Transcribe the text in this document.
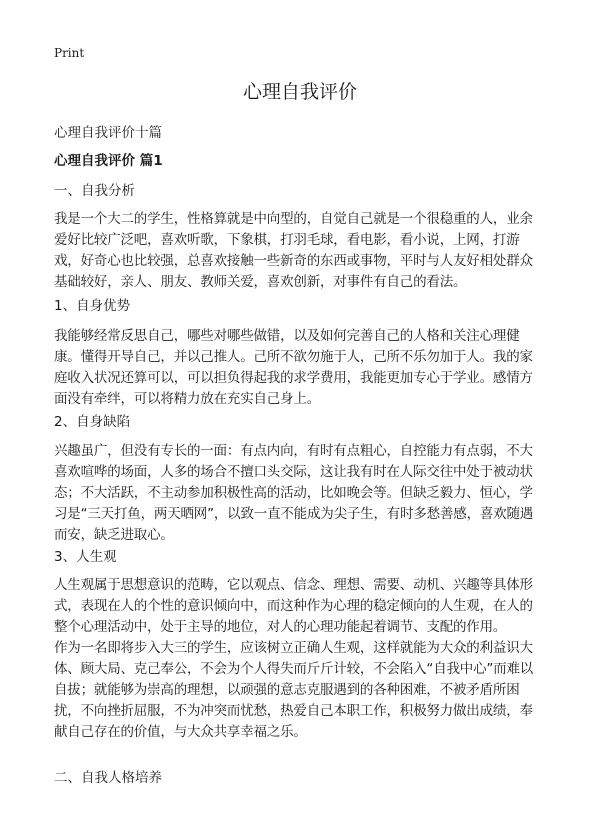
Print
心理自我评价
心理自我评价十篇
心理自我评价 篇1
一、自我分析

我是一个大二的学生，性格算就是中向型的，自觉自己就是一个很稳重的人，业余爱好比较广泛吧，喜欢听歌，下象棋，打羽毛球，看电影，看小说，上网，打游戏，好奇心也比较强，总喜欢接触一些新奇的东西或事物，平时与人友好相处群众基础较好，亲人、朋友、教师关爱，喜欢创新，对事件有自己的看法。

1、自身优势

我能够经常反思自己，哪些对哪些做错，以及如何完善自己的人格和关注心理健康。懂得开导自己，并以己推人。己所不欲勿施于人，己所不乐勿加于人。我的家庭收入状况还算可以，可以担负得起我的求学费用，我能更加专心于学业。感情方面没有牵绊，可以将精力放在充实自己身上。

2、自身缺陷

兴趣虽广，但没有专长的一面：有点内向，有时有点粗心，自控能力有点弱，不大喜欢喧哗的场面，人多的场合不擅口头交际，这让我有时在人际交往中处于被动状态；不大活跃，不主动参加积极性高的活动，比如晚会等。但缺乏毅力、恒心，学习是“三天打鱼，两天晒网”，以致一直不能成为尖子生，有时多愁善感，喜欢随遇而安，缺乏进取心。

3、人生观

人生观属于思想意识的范畴，它以观点、信念、理想、需要、动机、兴趣等具体形式，表现在人的个性的意识倾向中，而这种作为心理的稳定倾向的人生观，在人的整个心理活动中，处于主导的地位，对人的心理功能起着调节、支配的作用。

作为一名即将步入大三的学生，应该树立正确人生观，这样就能为大众的利益识大体、顾大局、克己奉公，不会为个人得失而斤斤计较，不会陷入“自我中心”而难以自拔；就能够为崇高的理想，以顽强的意志克服遇到的各种困难，不被矛盾所困扰，不向挫折屈服，不为冲突而忧愁，热爱自己本职工作，积极努力做出成绩，奉献自己存在的价值，与大众共享幸福之乐。

二、自我人格培养
